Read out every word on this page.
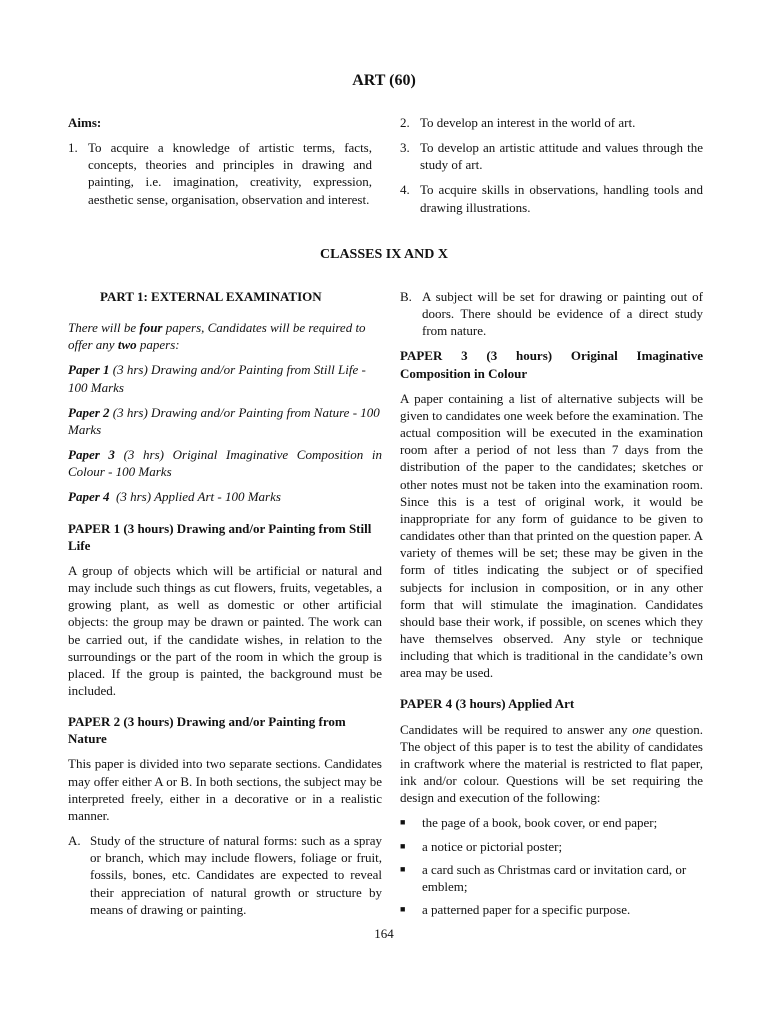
ART (60)

Aims:

1. To acquire a knowledge of artistic terms, facts, concepts, theories and principles in drawing and painting, i.e. imagination, creativity, expression, aesthetic sense, organisation, observation and interest.
2. To develop an interest in the world of art.
3. To develop an artistic attitude and values through the study of art.
4. To acquire skills in observations, handling tools and drawing illustrations.
CLASSES IX AND X

PART 1: EXTERNAL EXAMINATION

There will be four papers, Candidates will be required to offer any two papers:

Paper 1 (3 hrs) Drawing and/or Painting from Still Life - 100 Marks

Paper 2 (3 hrs) Drawing and/or Painting from Nature - 100 Marks

Paper 3 (3 hrs) Original Imaginative Composition in Colour - 100 Marks

Paper 4  (3 hrs) Applied Art - 100 Marks

PAPER 1 (3 hours) Drawing and/or Painting from Still Life

A group of objects which will be artificial or natural and may include such things as cut flowers, fruits, vegetables, a growing plant, as well as domestic or other artificial objects: the group may be drawn or painted. The work can be carried out, if the candidate wishes, in relation to the surroundings or the part of the room in which the group is placed. If the group is painted, the background must be included.

PAPER 2 (3 hours) Drawing and/or Painting from Nature

This paper is divided into two separate sections. Candidates may offer either A or B. In both sections, the subject may be interpreted freely, either in a decorative or in a realistic manner.

A. Study of the structure of natural forms: such as a spray or branch, which may include flowers, foliage or fruit, fossils, bones, etc. Candidates are expected to reveal their appreciation of natural growth or structure by means of drawing or painting.
B. A subject will be set for drawing or painting out of doors. There should be evidence of a direct study from nature.
PAPER 3 (3 hours) Original Imaginative
Composition in Colour

A paper containing a list of alternative subjects will be given to candidates one week before the examination. The actual composition will be executed in the examination room after a period of not less than 7 days from the distribution of the paper to the candidates; sketches or other notes must not be taken into the examination room. Since this is a test of original work, it would be inappropriate for any form of guidance to be given to candidates other than that printed on the question paper. A variety of themes will be set; these may be given in the form of titles indicating the subject or of specified subjects for inclusion in composition, or in any other form that will stimulate the imagination. Candidates should base their work, if possible, on scenes which they have themselves observed. Any style or technique including that which is traditional in the candidate’s own area may be used.

PAPER 4 (3 hours) Applied Art

Candidates will be required to answer any one question. The object of this paper is to test the ability of candidates in craftwork where the material is restricted to flat paper, ink and/or colour. Questions will be set requiring the design and execution of the following:

■	the page of a book, book cover, or end paper;
■	a notice or pictorial poster;
■	a card such as Christmas card or invitation card, or emblem;
■	a patterned paper for a specific purpose.
164
